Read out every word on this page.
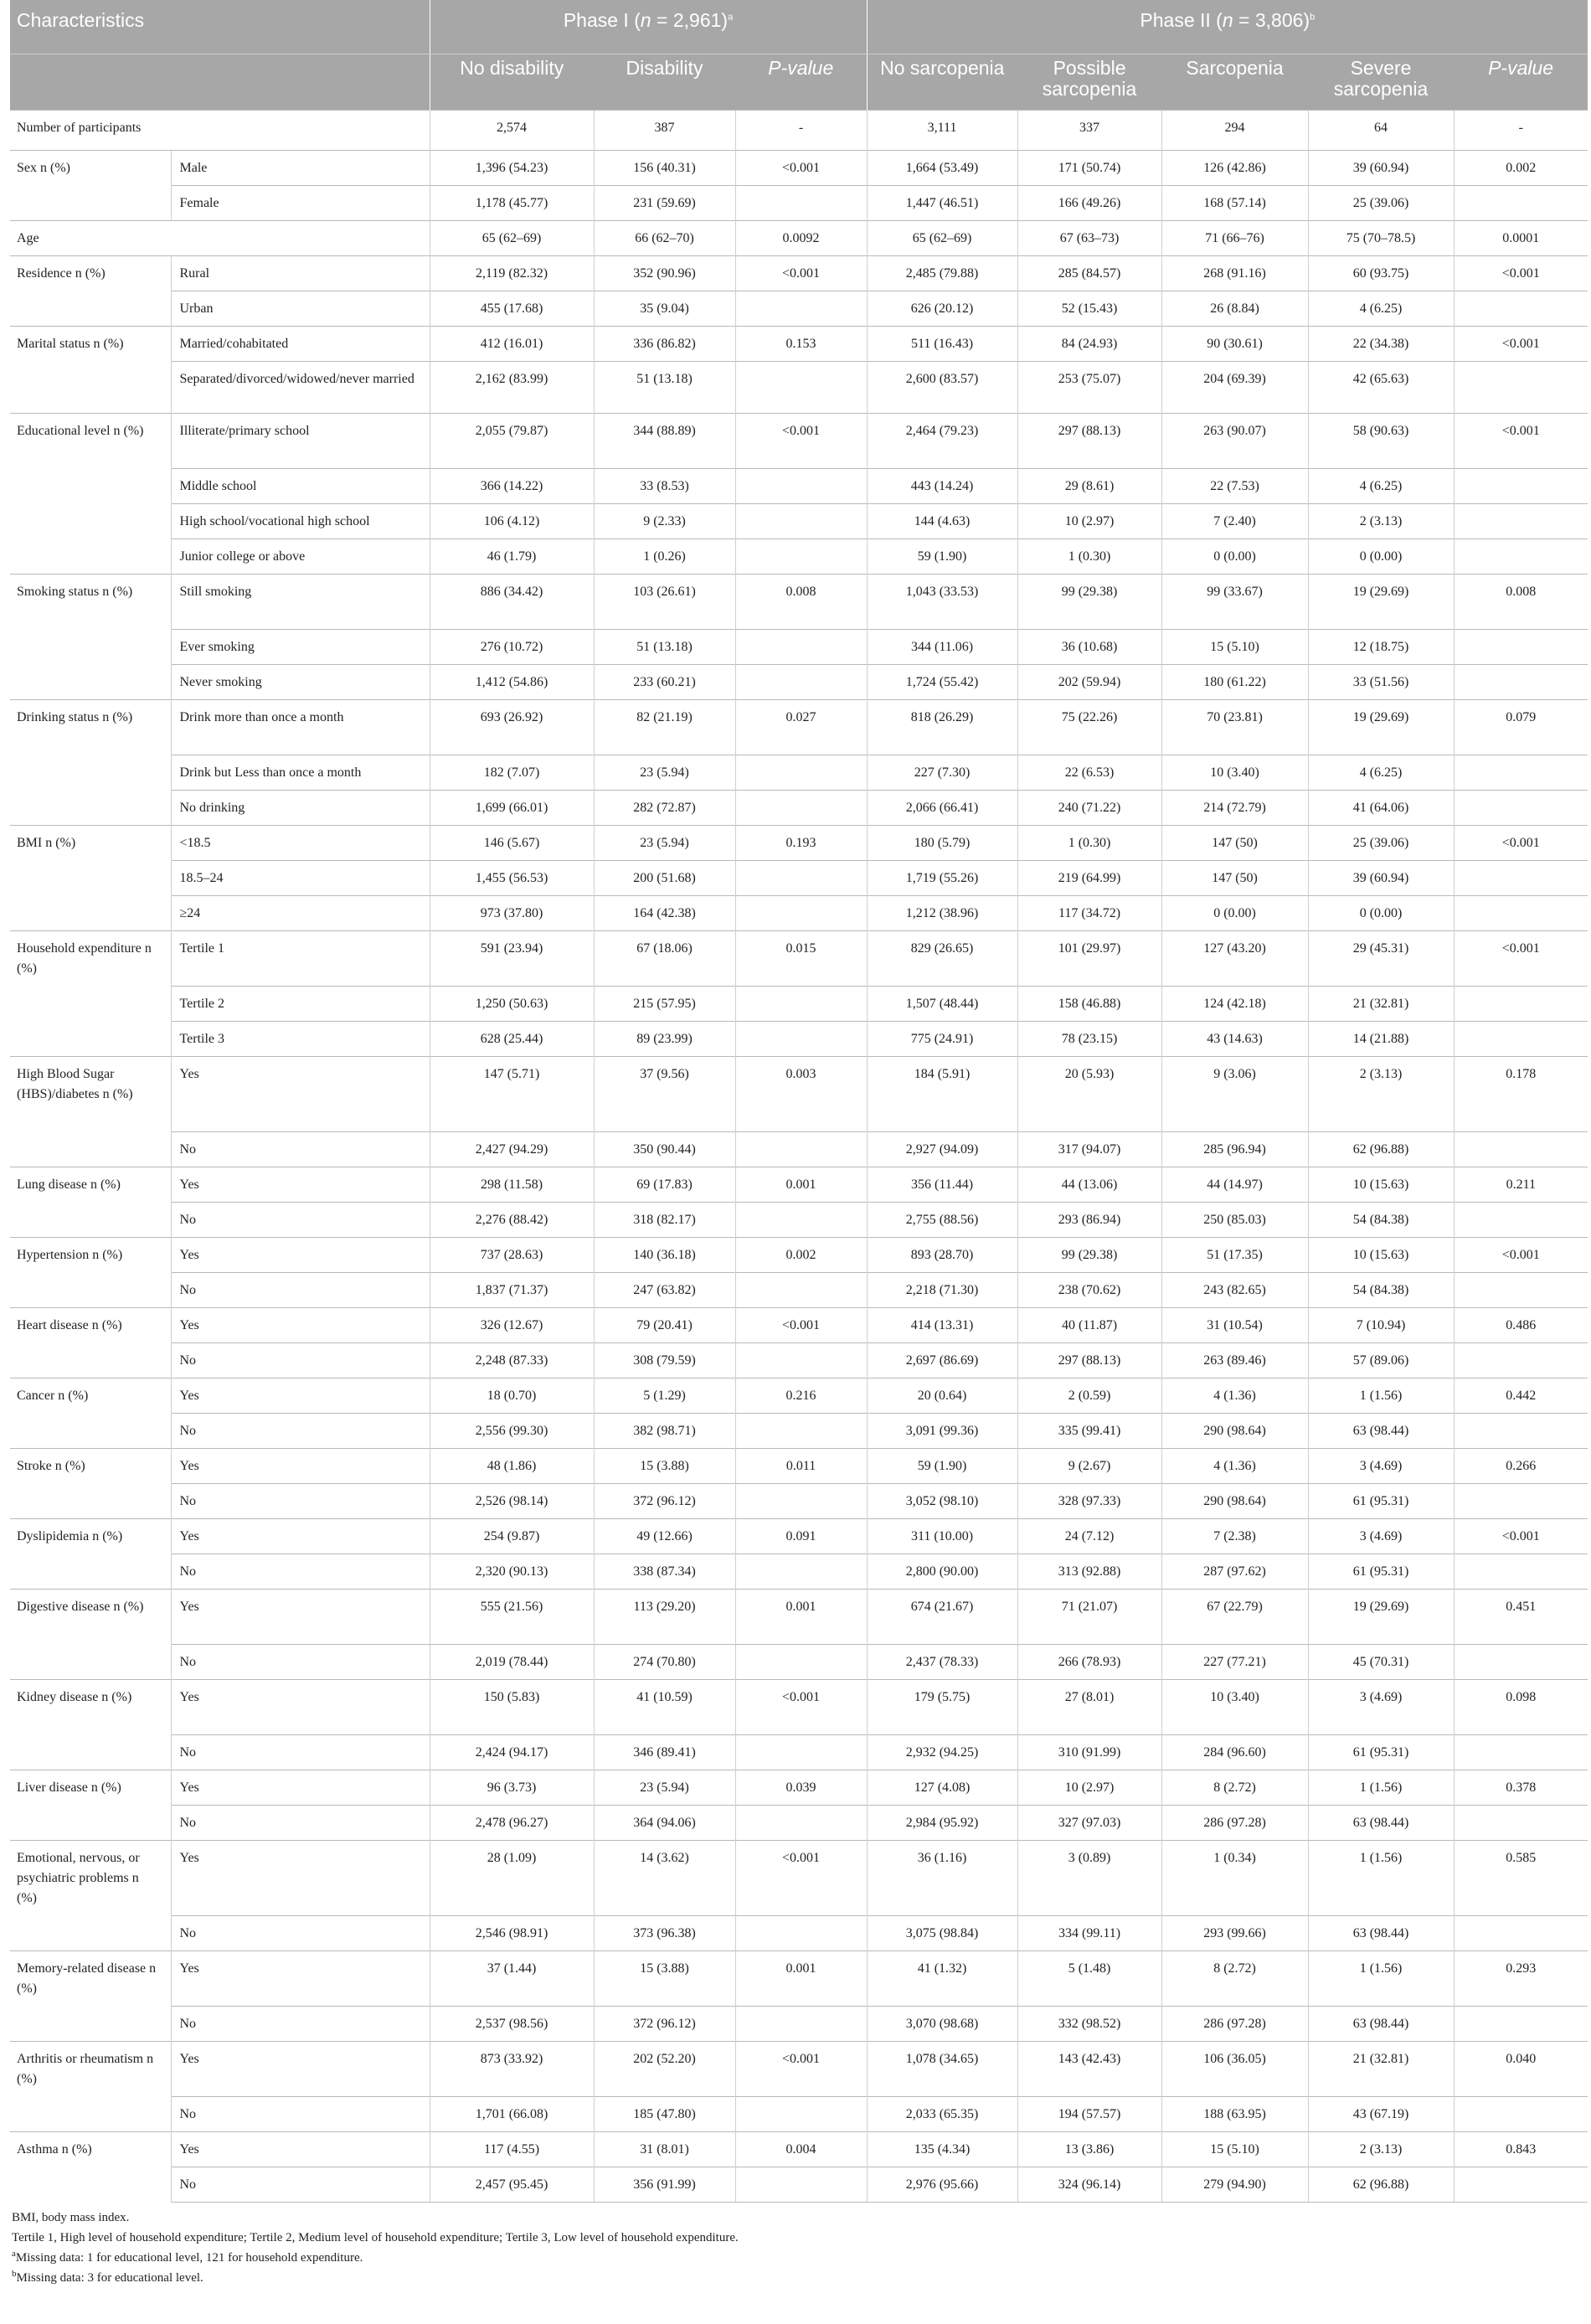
Characteristics		Phase I (n = 2,961)$^a$			Phase II (n = 3,806)$^b$
		No disability	Disability	P-value	No sarcopenia	Possible sarcopenia	Sarcopenia	Severe sarcopenia	P-value
Number of participants		2,574	387	-	3,111	337	294	64	-
Sex n (%)	Male	1,396 (54.23)	156 (40.31)	<0.001	1,664 (53.49)	171 (50.74)	126 (42.86)	39 (60.94)	0.002
	Female	1,178 (45.77)	231 (59.69)		1,447 (46.51)	166 (49.26)	168 (57.14)	25 (39.06)	
Age		65 (62–69)	66 (62–70)	0.0092	65 (62–69)	67 (63–73)	71 (66–76)	75 (70–78.5)	0.0001
Residence n (%)	Rural	2,119 (82.32)	352 (90.96)	<0.001	2,485 (79.88)	285 (84.57)	268 (91.16)	60 (93.75)	<0.001
	Urban	455 (17.68)	35 (9.04)		626 (20.12)	52 (15.43)	26 (8.84)	4 (6.25)	
Marital status n (%)	Married/cohabitated	412 (16.01)	336 (86.82)	0.153	511 (16.43)	84 (24.93)	90 (30.61)	22 (34.38)	<0.001
	Separated/divorced/widowed/never married	2,162 (83.99)	51 (13.18)		2,600 (83.57)	253 (75.07)	204 (69.39)	42 (65.63)	
Educational level n (%)	Illiterate/primary school	2,055 (79.87)	344 (88.89)	<0.001	2,464 (79.23)	297 (88.13)	263 (90.07)	58 (90.63)	<0.001
	Middle school	366 (14.22)	33 (8.53)		443 (14.24)	29 (8.61)	22 (7.53)	4 (6.25)	
	High school/vocational high school	106 (4.12)	9 (2.33)		144 (4.63)	10 (2.97)	7 (2.40)	2 (3.13)	
	Junior college or above	46 (1.79)	1 (0.26)		59 (1.90)	1 (0.30)	0 (0.00)	0 (0.00)	
Smoking status n (%)	Still smoking	886 (34.42)	103 (26.61)	0.008	1,043 (33.53)	99 (29.38)	99 (33.67)	19 (29.69)	0.008
	Ever smoking	276 (10.72)	51 (13.18)		344 (11.06)	36 (10.68)	15 (5.10)	12 (18.75)	
	Never smoking	1,412 (54.86)	233 (60.21)		1,724 (55.42)	202 (59.94)	180 (61.22)	33 (51.56)	
Drinking status n (%)	Drink more than once a month	693 (26.92)	82 (21.19)	0.027	818 (26.29)	75 (22.26)	70 (23.81)	19 (29.69)	0.079
	Drink but Less than once a month	182 (7.07)	23 (5.94)		227 (7.30)	22 (6.53)	10 (3.40)	4 (6.25)	
	No drinking	1,699 (66.01)	282 (72.87)		2,066 (66.41)	240 (71.22)	214 (72.79)	41 (64.06)	
BMI n (%)	<18.5	146 (5.67)	23 (5.94)	0.193	180 (5.79)	1 (0.30)	147 (50)	25 (39.06)	<0.001
	18.5–24	1,455 (56.53)	200 (51.68)		1,719 (55.26)	219 (64.99)	147 (50)	39 (60.94)	
	≥24	973 (37.80)	164 (42.38)		1,212 (38.96)	117 (34.72)	0 (0.00)	0 (0.00)	
Household expenditure n (%)	Tertile 1	591 (23.94)	67 (18.06)	0.015	829 (26.65)	101 (29.97)	127 (43.20)	29 (45.31)	<0.001
	Tertile 2	1,250 (50.63)	215 (57.95)		1,507 (48.44)	158 (46.88)	124 (42.18)	21 (32.81)	
	Tertile 3	628 (25.44)	89 (23.99)		775 (24.91)	78 (23.15)	43 (14.63)	14 (21.88)	
High Blood Sugar (HBS)/diabetes n (%)	Yes	147 (5.71)	37 (9.56)	0.003	184 (5.91)	20 (5.93)	9 (3.06)	2 (3.13)	0.178
	No	2,427 (94.29)	350 (90.44)		2,927 (94.09)	317 (94.07)	285 (96.94)	62 (96.88)	
Lung disease n (%)	Yes	298 (11.58)	69 (17.83)	0.001	356 (11.44)	44 (13.06)	44 (14.97)	10 (15.63)	0.211
	No	2,276 (88.42)	318 (82.17)		2,755 (88.56)	293 (86.94)	250 (85.03)	54 (84.38)	
Hypertension n (%)	Yes	737 (28.63)	140 (36.18)	0.002	893 (28.70)	99 (29.38)	51 (17.35)	10 (15.63)	<0.001
	No	1,837 (71.37)	247 (63.82)		2,218 (71.30)	238 (70.62)	243 (82.65)	54 (84.38)	
Heart disease n (%)	Yes	326 (12.67)	79 (20.41)	<0.001	414 (13.31)	40 (11.87)	31 (10.54)	7 (10.94)	0.486
	No	2,248 (87.33)	308 (79.59)		2,697 (86.69)	297 (88.13)	263 (89.46)	57 (89.06)	
Cancer n (%)	Yes	18 (0.70)	5 (1.29)	0.216	20 (0.64)	2 (0.59)	4 (1.36)	1 (1.56)	0.442
	No	2,556 (99.30)	382 (98.71)		3,091 (99.36)	335 (99.41)	290 (98.64)	63 (98.44)	
Stroke n (%)	Yes	48 (1.86)	15 (3.88)	0.011	59 (1.90)	9 (2.67)	4 (1.36)	3 (4.69)	0.266
	No	2,526 (98.14)	372 (96.12)		3,052 (98.10)	328 (97.33)	290 (98.64)	61 (95.31)	
Dyslipidemia n (%)	Yes	254 (9.87)	49 (12.66)	0.091	311 (10.00)	24 (7.12)	7 (2.38)	3 (4.69)	<0.001
	No	2,320 (90.13)	338 (87.34)		2,800 (90.00)	313 (92.88)	287 (97.62)	61 (95.31)	
Digestive disease n (%)	Yes	555 (21.56)	113 (29.20)	0.001	674 (21.67)	71 (21.07)	67 (22.79)	19 (29.69)	0.451
	No	2,019 (78.44)	274 (70.80)		2,437 (78.33)	266 (78.93)	227 (77.21)	45 (70.31)	
Kidney disease n (%)	Yes	150 (5.83)	41 (10.59)	<0.001	179 (5.75)	27 (8.01)	10 (3.40)	3 (4.69)	0.098
	No	2,424 (94.17)	346 (89.41)		2,932 (94.25)	310 (91.99)	284 (96.60)	61 (95.31)	
Liver disease n (%)	Yes	96 (3.73)	23 (5.94)	0.039	127 (4.08)	10 (2.97)	8 (2.72)	1 (1.56)	0.378
	No	2,478 (96.27)	364 (94.06)		2,984 (95.92)	327 (97.03)	286 (97.28)	63 (98.44)	
Emotional, nervous, or psychiatric problems n (%)	Yes	28 (1.09)	14 (3.62)	<0.001	36 (1.16)	3 (0.89)	1 (0.34)	1 (1.56)	0.585
	No	2,546 (98.91)	373 (96.38)		3,075 (98.84)	334 (99.11)	293 (99.66)	63 (98.44)	
Memory-related disease n (%)	Yes	37 (1.44)	15 (3.88)	0.001	41 (1.32)	5 (1.48)	8 (2.72)	1 (1.56)	0.293
	No	2,537 (98.56)	372 (96.12)		3,070 (98.68)	332 (98.52)	286 (97.28)	63 (98.44)	
Arthritis or rheumatism n (%)	Yes	873 (33.92)	202 (52.20)	<0.001	1,078 (34.65)	143 (42.43)	106 (36.05)	21 (32.81)	0.040
	No	1,701 (66.08)	185 (47.80)		2,033 (65.35)	194 (57.57)	188 (63.95)	43 (67.19)	
Asthma n (%)	Yes	117 (4.55)	31 (8.01)	0.004	135 (4.34)	13 (3.86)	15 (5.10)	2 (3.13)	0.843
	No	2,457 (95.45)	356 (91.99)		2,976 (95.66)	324 (96.14)	279 (94.90)	62 (96.88)	
BMI, body mass index.
Tertile 1, High level of household expenditure; Tertile 2, Medium level of household expenditure; Tertile 3, Low level of household expenditure.
$^a$Missing data: 1 for educational level, 121 for household expenditure.
$^b$Missing data: 3 for educational level.
